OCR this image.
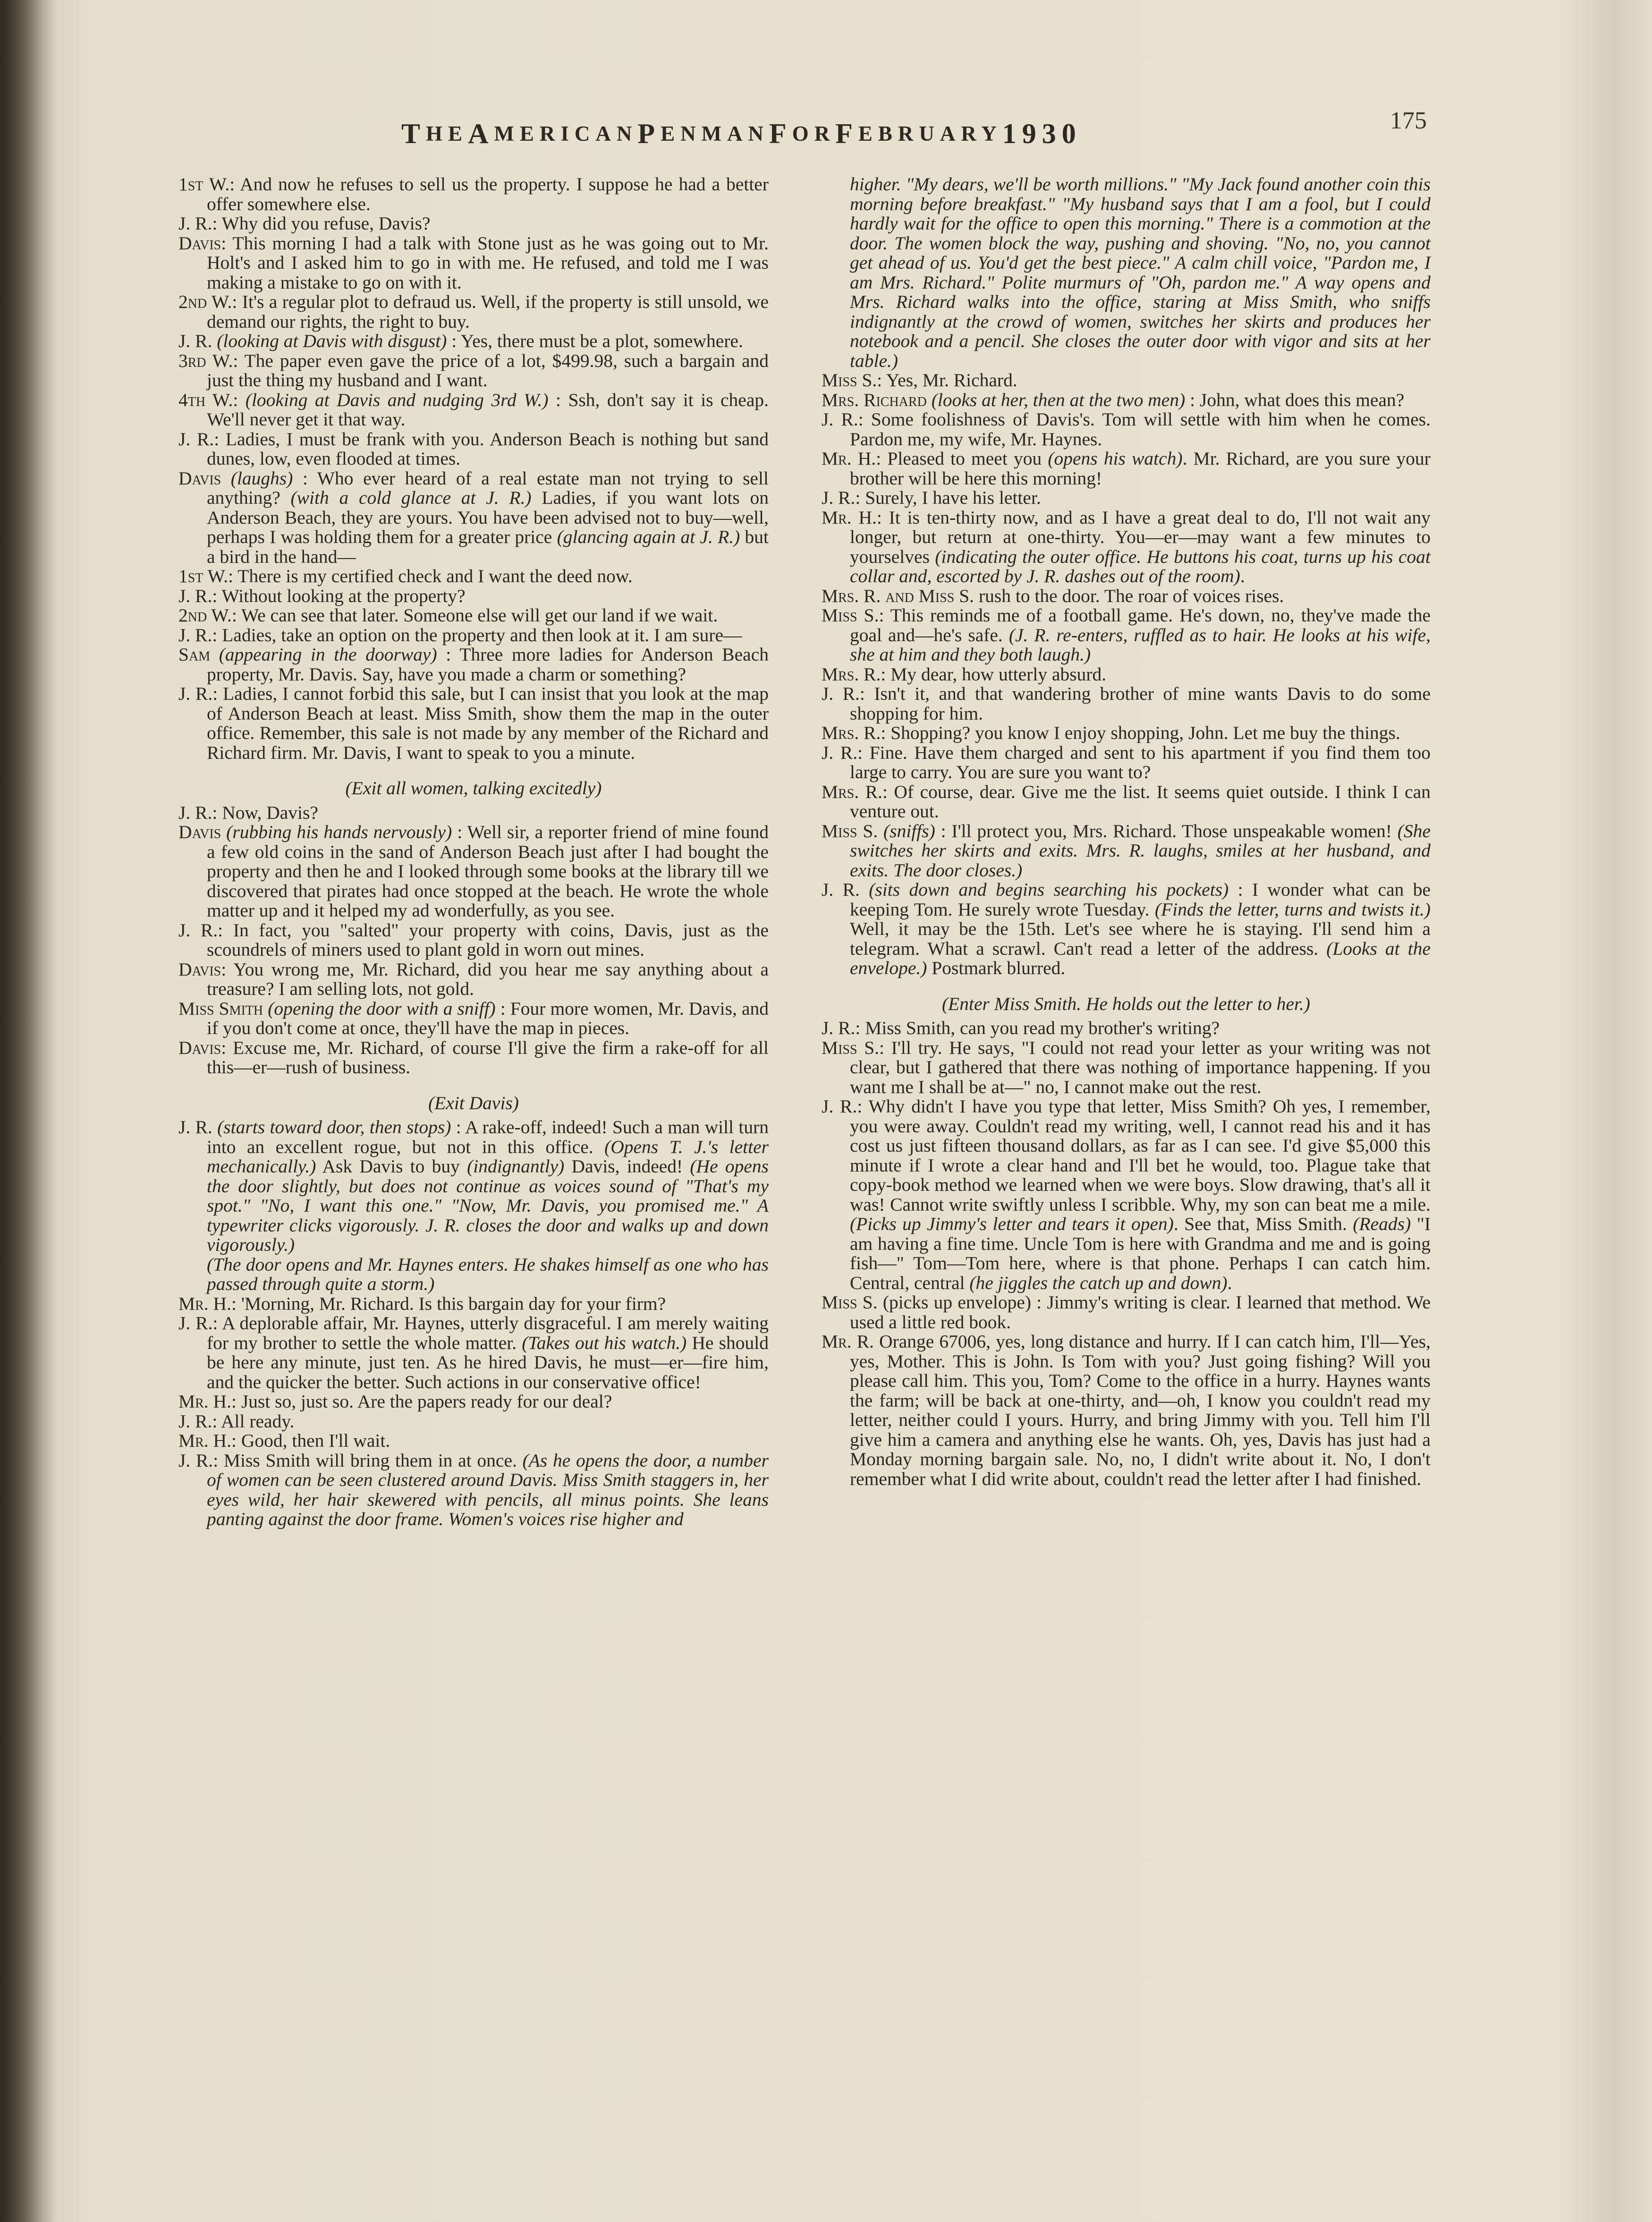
T HE A MERICAN P ENMAN F OR F EBRUARY 1930	175

1st W.: And now he refuses to sell us the property. I suppose he had a better offer somewhere else.

J. R.: Why did you refuse, Davis?

Davis: This morning I had a talk with Stone just as he was going out to Mr. Holt's and I asked him to go in with me. He refused, and told me I was making a mistake to go on with it.

2nd W.: It's a regular plot to defraud us. Well, if the property is still unsold, we demand our rights, the right to buy.

J. R. (looking at Davis with disgust) : Yes, there must be a plot, somewhere.

3rd W.: The paper even gave the price of a lot, $499.98, such a bargain and just the thing my husband and I want.

4th W.: (looking at Davis and nudging 3rd W.) : Ssh, don't say it is cheap. We'll never get it that way.

J. R.: Ladies, I must be frank with you. Anderson Beach is nothing but sand dunes, low, even flooded at times.

Davis (laughs) : Who ever heard of a real estate man not trying to sell anything? (with a cold glance at J. R.) Ladies, if you want lots on Anderson Beach, they are yours. You have been advised not to buy—well, perhaps I was holding them for a greater price (glancing again at J. R.) but a bird in the hand—

1st W.: There is my certified check and I want the deed now.

J. R.: Without looking at the property?

2nd W.: We can see that later. Someone else will get our land if we wait.

J. R.: Ladies, take an option on the property and then look at it. I am sure—

Sam (appearing in the doorway) : Three more ladies for Anderson Beach property, Mr. Davis. Say, have you made a charm or something?

J. R.: Ladies, I cannot forbid this sale, but I can insist that you look at the map of Anderson Beach at least. Miss Smith, show them the map in the outer office. Remember, this sale is not made by any member of the Richard and Richard firm. Mr. Davis, I want to speak to you a minute.

(Exit all women, talking excitedly)

J. R.: Now, Davis?

Davis (rubbing his hands nervously) : Well sir, a reporter friend of mine found a few old coins in the sand of Anderson Beach just after I had bought the property and then he and I looked through some books at the library till we discovered that pirates had once stopped at the beach. He wrote the whole matter up and it helped my ad wonderfully, as you see.

J. R.: In fact, you "salted" your property with coins, Davis, just as the scoundrels of miners used to plant gold in worn out mines.

Davis: You wrong me, Mr. Richard, did you hear me say anything about a treasure? I am selling lots, not gold.

Miss Smith (opening the door with a sniff) : Four more women, Mr. Davis, and if you don't come at once, they'll have the map in pieces.

Davis: Excuse me, Mr. Richard, of course I'll give the firm a rake-off for all this—er—rush of business.

(Exit Davis)

J. R. (starts toward door, then stops) : A rake-off, indeed! Such a man will turn into an excellent rogue, but not in this office. (Opens T. J.'s letter mechanically.) Ask Davis to buy (indignantly) Davis, indeed! (He opens the door slightly, but does not continue as voices sound of "That's my spot." "No, I want this one." "Now, Mr. Davis, you promised me." A typewriter clicks vigorously. J. R. closes the door and walks up and down vigorously.)

(The door opens and Mr. Haynes enters. He shakes himself as one who has passed through quite a storm.)

Mr. H.: 'Morning, Mr. Richard. Is this bargain day for your firm?

J. R.: A deplorable affair, Mr. Haynes, utterly disgraceful. I am merely waiting for my brother to settle the whole matter. (Takes out his watch.) He should be here any minute, just ten. As he hired Davis, he must—er—fire him, and the quicker the better. Such actions in our conservative office!

Mr. H.: Just so, just so. Are the papers ready for our deal?

J. R.: All ready.

Mr. H.: Good, then I'll wait.

J. R.: Miss Smith will bring them in at once. (As he opens the door, a number of women can be seen clustered around Davis. Miss Smith staggers in, her eyes wild, her hair skewered with pencils, all minus points. She leans panting against the door frame. Women's voices rise higher and

higher. "My dears, we'll be worth millions." "My Jack found another coin this morning before breakfast." "My husband says that I am a fool, but I could hardly wait for the office to open this morning." There is a commotion at the door. The women block the way, pushing and shoving. "No, no, you cannot get ahead of us. You'd get the best piece." A calm chill voice, "Pardon me, I am Mrs. Richard." Polite murmurs of "Oh, pardon me." A way opens and Mrs. Richard walks into the office, staring at Miss Smith, who sniffs indignantly at the crowd of women, switches her skirts and produces her notebook and a pencil. She closes the outer door with vigor and sits at her table.)

Miss S.: Yes, Mr. Richard.

Mrs. Richard (looks at her, then at the two men) : John, what does this mean?

J. R.: Some foolishness of Davis's. Tom will settle with him when he comes. Pardon me, my wife, Mr. Haynes.

Mr. H.: Pleased to meet you (opens his watch). Mr. Richard, are you sure your brother will be here this morning!

J. R.: Surely, I have his letter.

Mr. H.: It is ten-thirty now, and as I have a great deal to do, I'll not wait any longer, but return at one-thirty. You—er—may want a few minutes to yourselves (indicating the outer office. He buttons his coat, turns up his coat collar and, escorted by J. R. dashes out of the room).

Mrs. R. and Miss S. rush to the door. The roar of voices rises.

Miss S.: This reminds me of a football game. He's down, no, they've made the goal and—he's safe. (J. R. re-enters, ruffled as to hair. He looks at his wife, she at him and they both laugh.)

Mrs. R.: My dear, how utterly absurd.

J. R.: Isn't it, and that wandering brother of mine wants Davis to do some shopping for him.

Mrs. R.: Shopping? you know I enjoy shopping, John. Let me buy the things.

J. R.: Fine. Have them charged and sent to his apartment if you find them too large to carry. You are sure you want to?

Mrs. R.: Of course, dear. Give me the list. It seems quiet outside. I think I can venture out.

Miss S. (sniffs) : I'll protect you, Mrs. Richard. Those unspeakable women! (She switches her skirts and exits. Mrs. R. laughs, smiles at her husband, and exits. The door closes.)

J. R. (sits down and begins searching his pockets) : I wonder what can be keeping Tom. He surely wrote Tuesday. (Finds the letter, turns and twists it.) Well, it may be the 15th. Let's see where he is staying. I'll send him a telegram. What a scrawl. Can't read a letter of the address. (Looks at the envelope.) Postmark blurred.

(Enter Miss Smith. He holds out the letter to her.)

J. R.: Miss Smith, can you read my brother's writing?

Miss S.: I'll try. He says, "I could not read your letter as your writing was not clear, but I gathered that there was nothing of importance happening. If you want me I shall be at—" no, I cannot make out the rest.

J. R.: Why didn't I have you type that letter, Miss Smith? Oh yes, I remember, you were away. Couldn't read my writing, well, I cannot read his and it has cost us just fifteen thousand dollars, as far as I can see. I'd give $5,000 this minute if I wrote a clear hand and I'll bet he would, too. Plague take that copy-book method we learned when we were boys. Slow drawing, that's all it was! Cannot write swiftly unless I scribble. Why, my son can beat me a mile. (Picks up Jimmy's letter and tears it open). See that, Miss Smith. (Reads) "I am having a fine time. Uncle Tom is here with Grandma and me and is going fish—" Tom—Tom here, where is that phone. Perhaps I can catch him. Central, central (he jiggles the catch up and down).

Miss S. (picks up envelope) : Jimmy's writing is clear. I learned that method. We used a little red book.

Mr. R. Orange 67006, yes, long distance and hurry. If I can catch him, I'll—Yes, yes, Mother. This is John. Is Tom with you? Just going fishing? Will you please call him. This you, Tom? Come to the office in a hurry. Haynes wants the farm; will be back at one-thirty, and—oh, I know you couldn't read my letter, neither could I yours. Hurry, and bring Jimmy with you. Tell him I'll give him a camera and anything else he wants. Oh, yes, Davis has just had a Monday morning bargain sale. No, no, I didn't write about it. No, I don't remember what I did write about, couldn't read the letter after I had finished.
